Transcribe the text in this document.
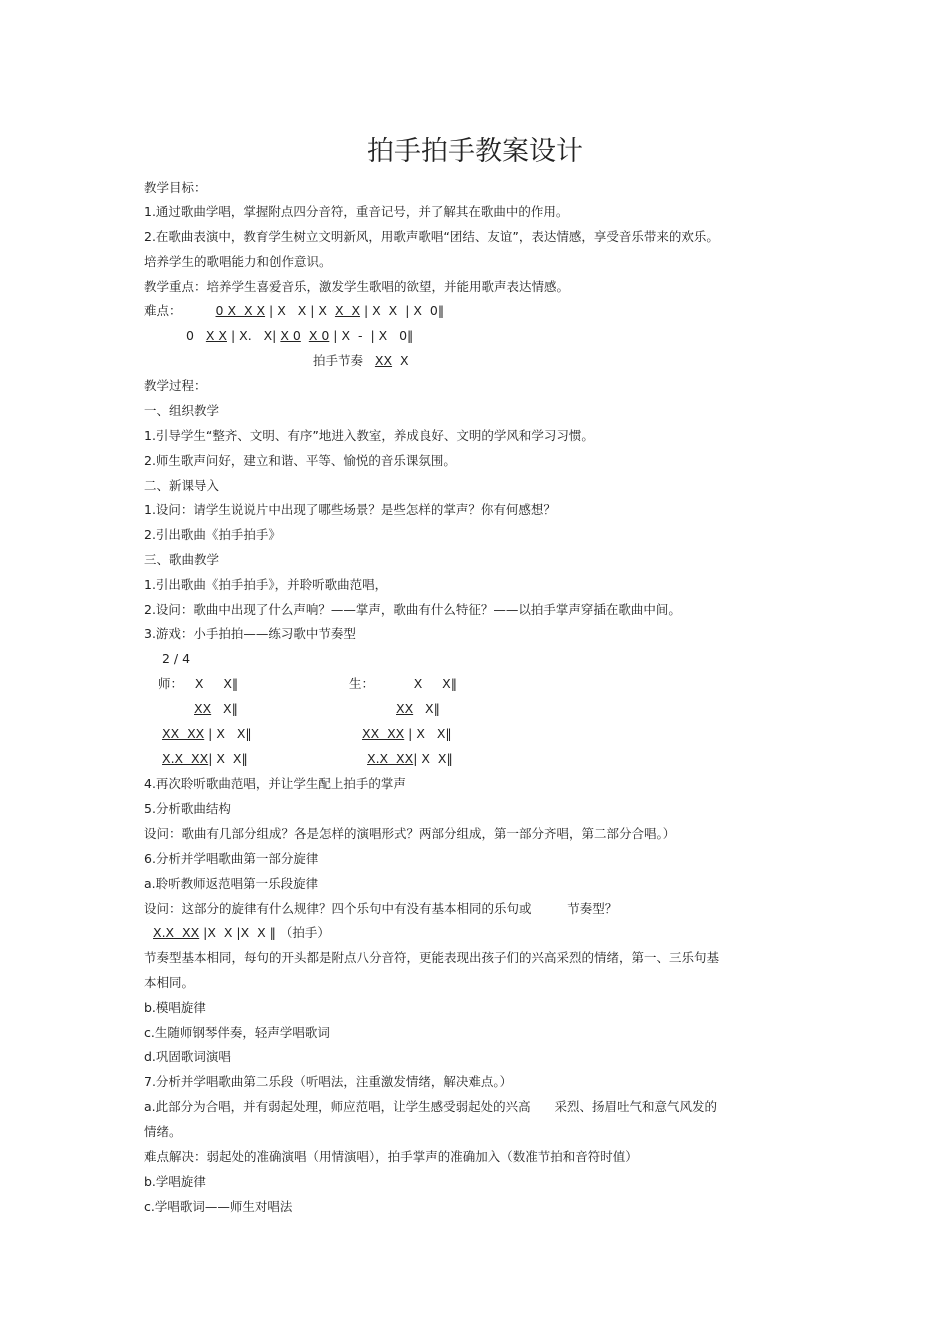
拍手拍手教案设计
教学目标：
1.通过歌曲学唱，掌握附点四分音符，重音记号，并了解其在歌曲中的作用。
2.在歌曲表演中，教育学生树立文明新风，用歌声歌唱“团结、友谊”，表达情感，享受音乐带来的欢乐。
培养学生的歌唱能力和创作意识。
教学重点：培养学生喜爱音乐，激发学生歌唱的欲望，并能用歌声表达情感。
难点：	0 X  X X | X   X | X  X  X | X  X  | X  0‖
0   X X | X.   X| X 0 X 0 | X  -  | X   0‖
拍手节奏   XX  X
教学过程：
一、组织教学
1.引导学生“整齐、文明、有序”地进入教室，养成良好、文明的学风和学习习惯。
2.师生歌声问好，建立和谐、平等、愉悦的音乐课氛围。
二、新课导入
1.设问：请学生说说片中出现了哪些场景？是些怎样的掌声？你有何感想？
2.引出歌曲《拍手拍手》
三、歌曲教学
1.引出歌曲《拍手拍手》，并聆听歌曲范唱，
2.设问：歌曲中出现了什么声响？——掌声，歌曲有什么特征？——以拍手掌声穿插在歌曲中间。
3.游戏：小手拍拍——练习歌中节奏型
2 / 4
师：   X     X‖	生：          X     X‖
XX   X‖	XX   X‖
XX  XX | X   X‖	XX  XX | X   X‖
X.X  XX| X  X‖	X.X  XX| X  X‖
4.再次聆听歌曲范唱，并让学生配上拍手的掌声
5.分析歌曲结构
设问：歌曲有几部分组成？各是怎样的演唱形式？两部分组成，第一部分齐唱，第二部分合唱。）
6.分析并学唱歌曲第一部分旋律
a.聆听教师返范唱第一乐段旋律
设问：这部分的旋律有什么规律？四个乐句中有没有基本相同的乐句或         节奏型？
X.X  XX |X  X |X  X ‖ （拍手）
节奏型基本相同，每句的开头都是附点八分音符，更能表现出孩子们的兴高采烈的情绪，第一、三乐句基
本相同。
b.模唱旋律
c.生随师钢琴伴奏，轻声学唱歌词
d.巩固歌词演唱
7.分析并学唱歌曲第二乐段（听唱法，注重激发情绪，解决难点。）
a.此部分为合唱，并有弱起处理，师应范唱，让学生感受弱起处的兴高      采烈、扬眉吐气和意气风发的
情绪。
难点解决：弱起处的准确演唱（用情演唱），拍手掌声的准确加入（数准节拍和音符时值）
b.学唱旋律
c.学唱歌词——师生对唱法
